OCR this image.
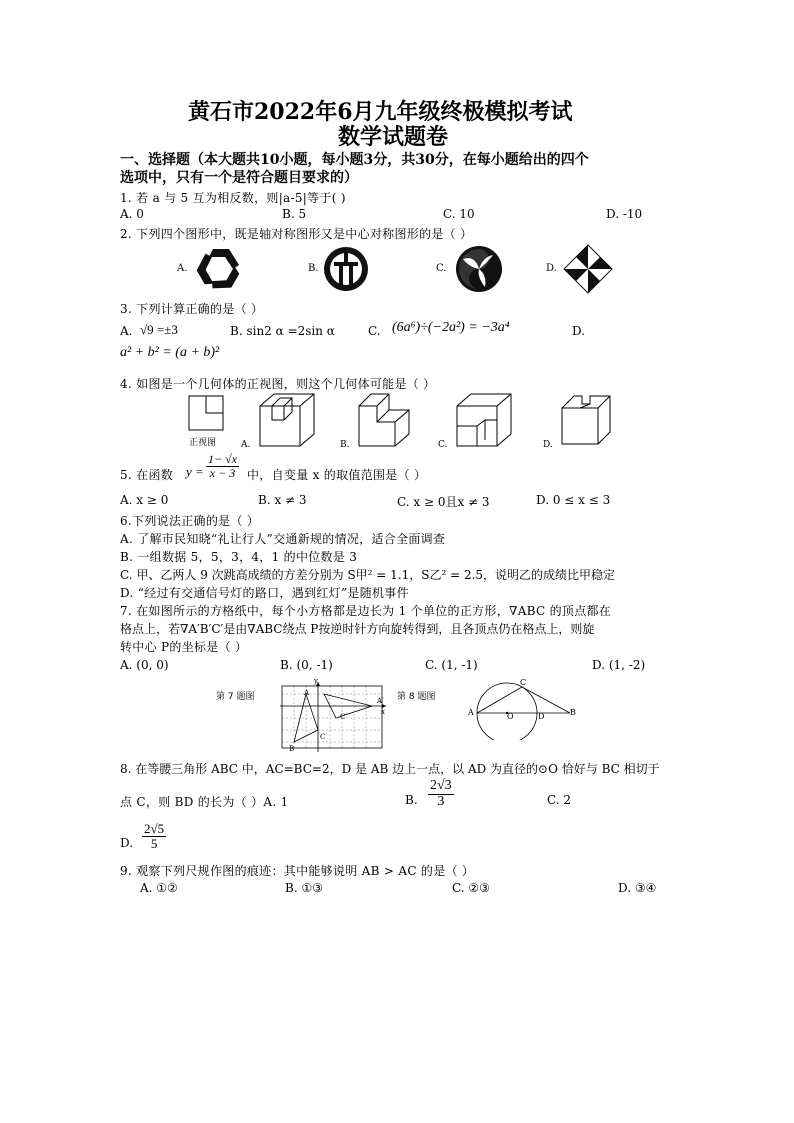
黄石市2022年6月九年级终极模拟考试
数学试题卷
一、选择题（本大题共10小题，每小题3分，共30分，在每小题给出的四个
选项中，只有一个是符合题目要求的）
1. 若 a 与 5 互为相反数，则|a-5|等于( )
A. 0	B. 5	C. 10	D. -10
2. 下列四个图形中，既是轴对称图形又是中心对称图形的是（ ）
A.	B.	C.	D.
3. 下列计算正确的是（ ）
A. √9 =±3	B. sin2 α =2sin α	C. (6a⁶)÷(−2a²) = −3a⁴	D.
a² + b² = (a + b)²
4. 如图是一个几何体的正视图，则这个几何体可能是（ ）
正视图	A.	B.	C.	D.
5. 在函数 $y = \frac{1- √x}{x - 3}$ 中，自变量 x 的取值范围是（ ）
A. x ≥ 0	B. x ≠ 3	C. x ≥ 0且x ≠ 3	D. 0 ≤ x ≤ 3
6.下列说法正确的是（ ）
A. 了解市民知晓“礼让行人”交通新规的情况，适合全面调查
B. 一组数据 5，5，3，4，1 的中位数是 3
C. 甲、乙两人 9 次跳高成绩的方差分别为 S甲² = 1.1，S乙² = 2.5，说明乙的成绩比甲稳定
D. “经过有交通信号灯的路口，遇到红灯”是随机事件
7. 在如图所示的方格纸中，每个小方格都是边长为 1 个单位的正方形，∇ABC 的顶点都在
格点上，若∇A′B′C′是由∇ABC绕点 P按逆时针方向旋转得到，且各顶点仍在格点上，则旋
转中心 P的坐标是（ ）
A. (0, 0)	B. (0, -1)	C. (1, -1)	D. (1, -2)
第 7 题图
y
A
B
C
C′
A′
x
第 8 题图
A
C
O	D	B
8. 在等腰三角形 ABC 中，AC=BC=2，D 是 AB 边上一点，以 AD 为直径的⊙O 恰好与 BC 相切于
点 C，则 BD 的长为（ ）A. 1	B. $\frac{2√3}{3}$	C. 2
D. $\frac{2√5}{5}$
9. 观察下列尺规作图的痕迹：其中能够说明 AB > AC 的是（ ）
A. ①②	B. ①③	C. ②③	D. ③④
